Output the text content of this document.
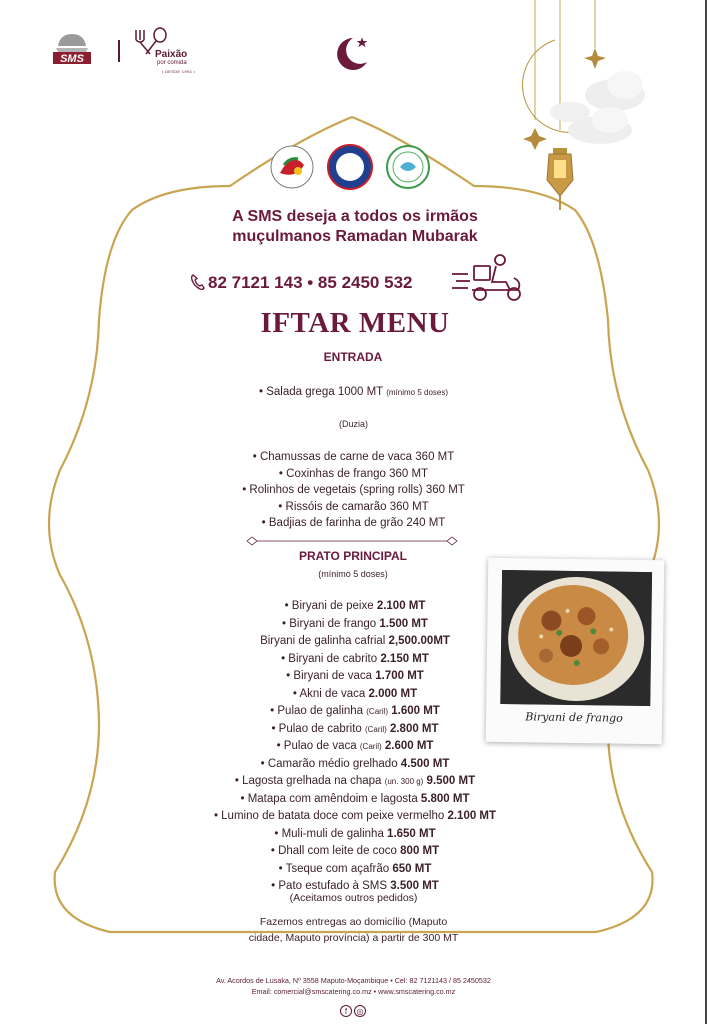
SMS	Paixão
por comida
• DESDE 1993 •
A SMS deseja a todos os irmãos
muçulmanos Ramadan Mubarak
82 7121 143 • 85 2450 532
IFTAR MENU
ENTRADA
• Salada grega 1000 MT (mínimo 5 doses)
(Duzia)
• Chamussas de carne de vaca 360 MT
• Coxinhas de frango 360 MT
• Rolinhos de vegetais (spring rolls) 360 MT
• Rissóis de camarão 360 MT
• Badjias de farinha de grão 240 MT
PRATO PRINCIPAL
(mínimo 5 doses)
• Biryani de peixe 2.100 MT
• Biryani de frango 1.500 MT
Biryani de galinha cafrial 2,500.00MT
• Biryani de cabrito 2.150 MT
• Biryani de vaca 1.700 MT
• Akni de vaca 2.000 MT
• Pulao de galinha (Caril) 1.600 MT
• Pulao de cabrito (Caril) 2.800 MT
• Pulao de vaca (Caril) 2.600 MT
• Camarão médio grelhado 4.500 MT
• Lagosta grelhada na chapa (un. 300 g) 9.500 MT
• Matapa com amêndoim e lagosta 5.800 MT
• Lumino de batata doce com peixe vermelho 2.100 MT
• Muli-muli de galinha 1.650 MT
• Dhall com leite de coco 800 MT
• Tseque com açafrão 650 MT
• Pato estufado à SMS 3.500 MT
(Aceitamos outros pedidos)
Fazemos entregas ao domicílio (Maputo
cidade, Maputo província) a partir de 300 MT
Biryani de frango
Av. Acordos de Lusaka, Nº 3558 Maputo-Moçambique • Cel: 82 7121143 / 85 2450532
Email: comercial@smscatering.co.mz • www.smscatering.co.mz
f ◎
